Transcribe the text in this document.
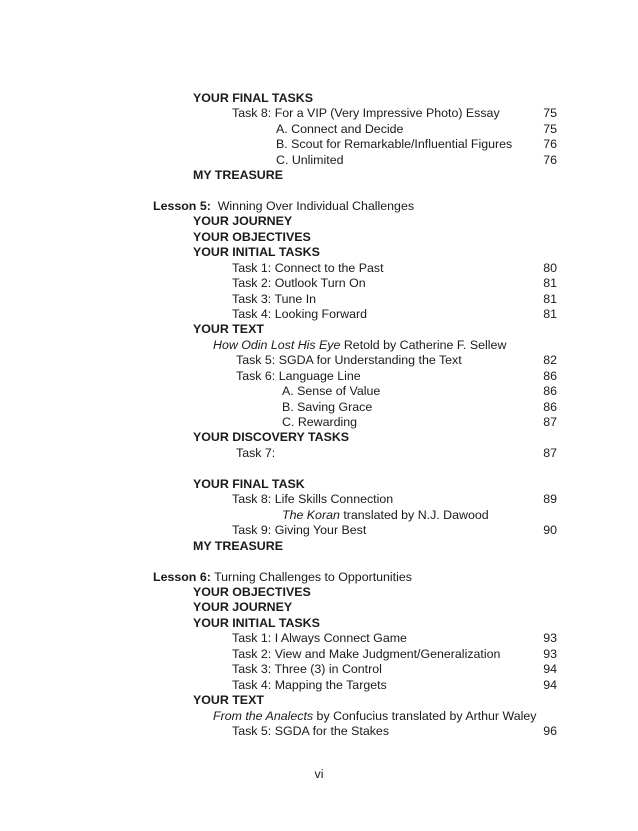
YOUR FINAL TASKS
Task 8: For a VIP (Very Impressive Photo) Essay	75
A. Connect and Decide	75
B. Scout for Remarkable/Influential Figures	76
C. Unlimited	76
MY TREASURE
Lesson 5: Winning Over Individual Challenges
YOUR JOURNEY
YOUR OBJECTIVES
YOUR INITIAL TASKS
Task 1: Connect to the Past	80
Task 2: Outlook Turn On	81
Task 3: Tune In	81
Task 4: Looking Forward	81
YOUR TEXT
How Odin Lost His Eye Retold by Catherine F. Sellew
Task 5: SGDA for Understanding the Text	82
Task 6: Language Line	86
A. Sense of Value	86
B. Saving Grace	86
C. Rewarding	87
YOUR DISCOVERY TASKS
Task 7:	87
YOUR FINAL TASK
Task 8: Life Skills Connection	89
The Koran translated by N.J. Dawood
Task 9: Giving Your Best	90
MY TREASURE
Lesson 6: Turning Challenges to Opportunities
YOUR OBJECTIVES
YOUR JOURNEY
YOUR INITIAL TASKS
Task 1: I Always Connect Game	93
Task 2: View and Make Judgment/Generalization	93
Task 3: Three (3) in Control	94
Task 4: Mapping the Targets	94
YOUR TEXT
From the Analects by Confucius translated by Arthur Waley
Task 5: SGDA for the Stakes	96
vi
